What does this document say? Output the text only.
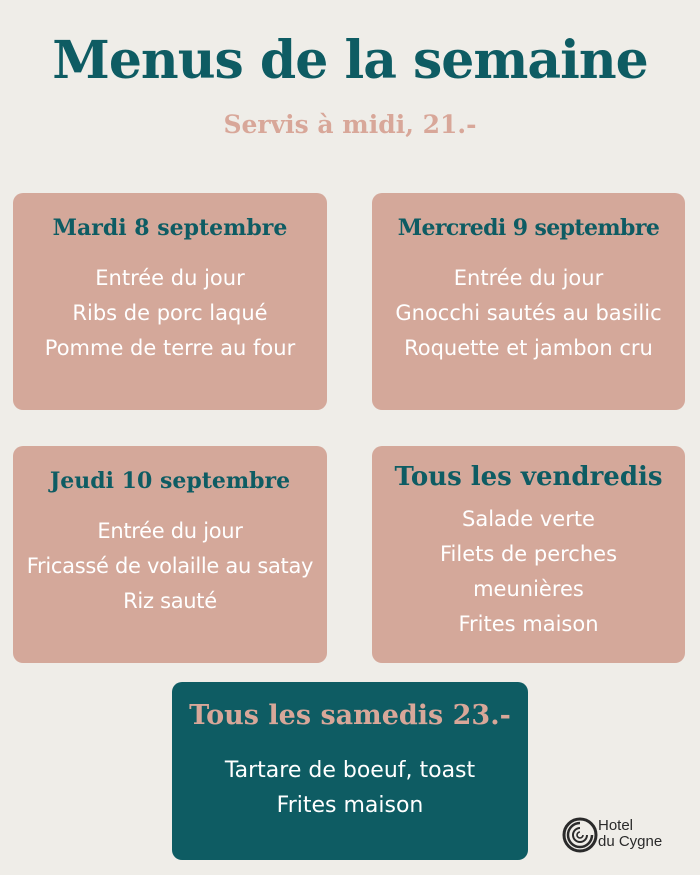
Menus de la semaine
Servis à midi, 21.-
Mardi 8 septembre
Entrée du jour
Ribs de porc laqué
Pomme de terre au four
Mercredi 9 septembre
Entrée du jour
Gnocchi sautés au basilic
Roquette et jambon cru
Jeudi 10 septembre
Entrée du jour
Fricassé de volaille au satay
Riz sauté
Tous les vendredis
Salade verte
Filets de perches
meunières
Frites maison
Tous les samedis 23.-
Tartare de boeuf, toast
Frites maison
Hotel
du Cygne
